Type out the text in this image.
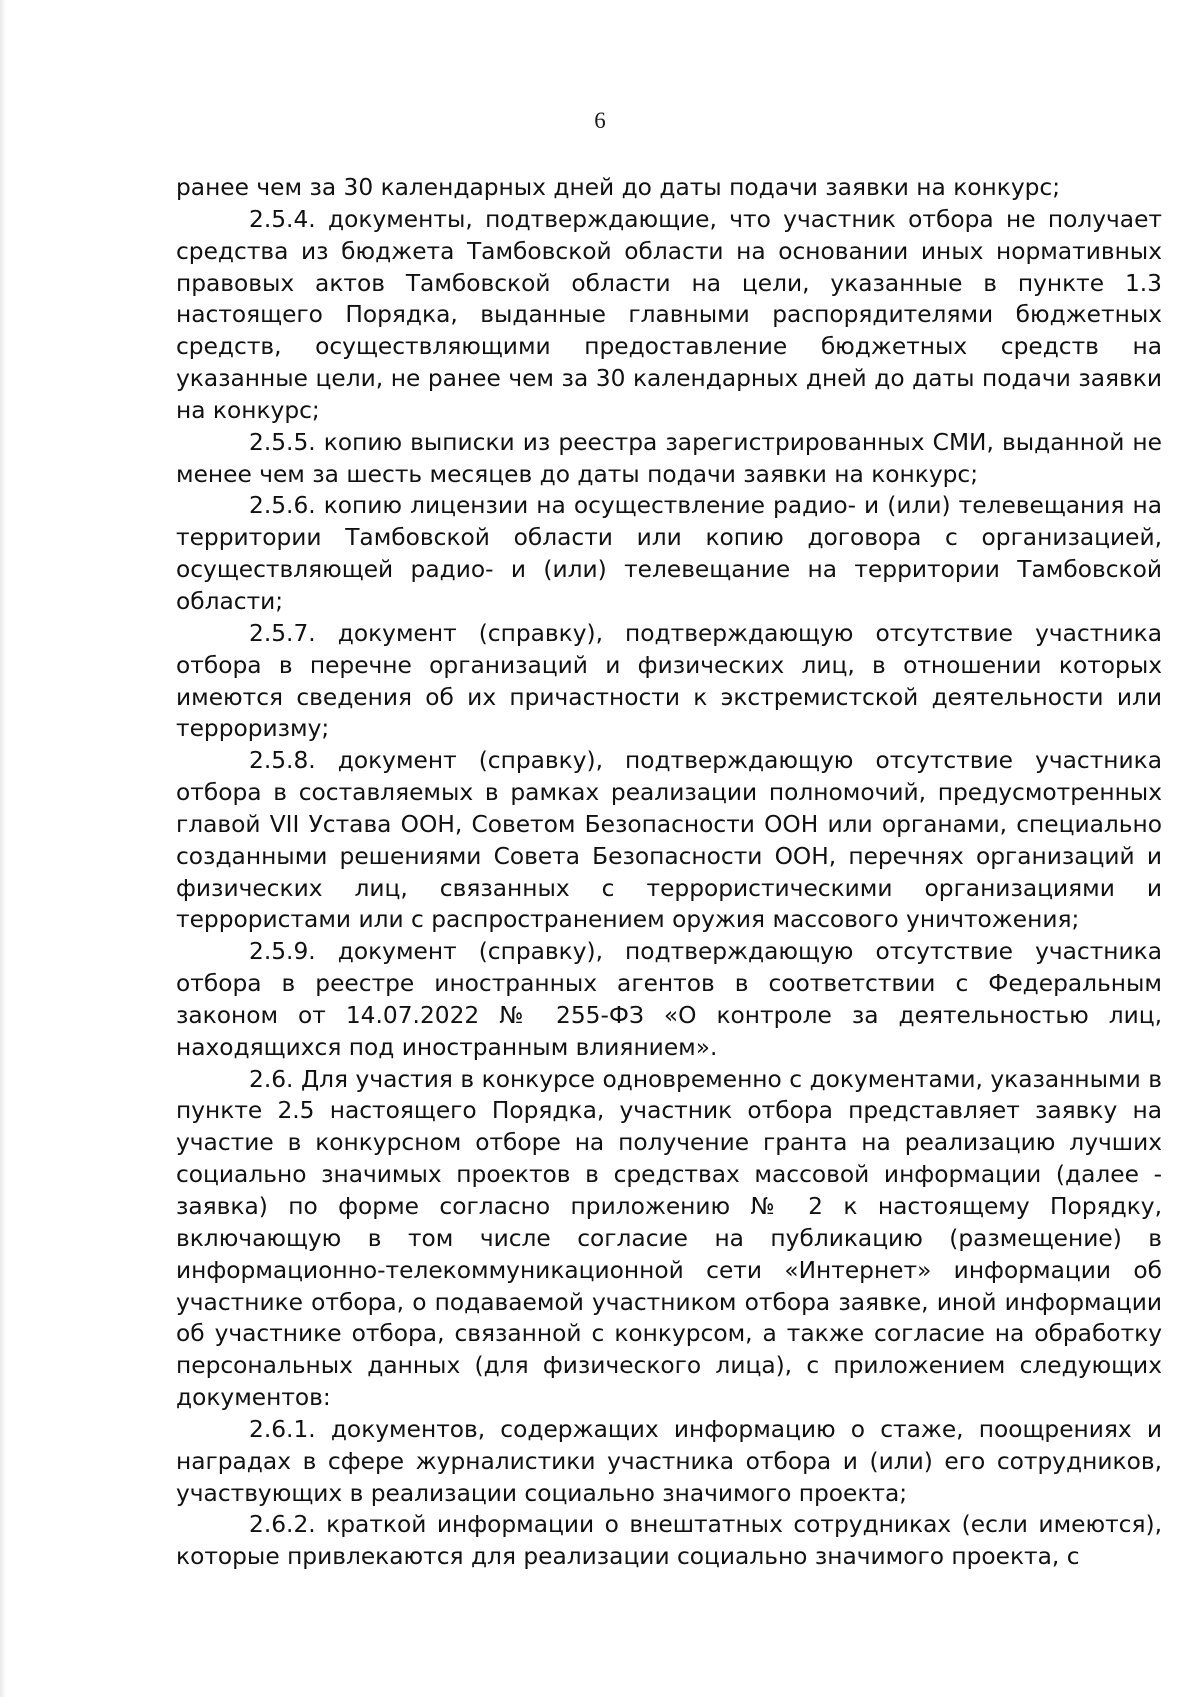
6

ранее чем за 30 календарных дней до даты подачи заявки на конкурс;

2.5.4. документы, подтверждающие, что участник отбора не получает средства из бюджета Тамбовской области на основании иных нормативных правовых актов Тамбовской области на цели, указанные в пункте 1.3 настоящего Порядка, выданные главными распорядителями бюджетных средств, осуществляющими предоставление бюджетных средств на указанные цели, не ранее чем за 30 календарных дней до даты подачи заявки на конкурс;

2.5.5. копию выписки из реестра зарегистрированных СМИ, выданной не менее чем за шесть месяцев до даты подачи заявки на конкурс;

2.5.6. копию лицензии на осуществление радио- и (или) телевещания на территории Тамбовской области или копию договора с организацией, осуществляющей радио- и (или) телевещание на территории Тамбовской области;

2.5.7. документ (справку), подтверждающую отсутствие участника отбора в перечне организаций и физических лиц, в отношении которых имеются сведения об их причастности к экстремистской деятельности или терроризму;

2.5.8. документ (справку), подтверждающую отсутствие участника отбора в составляемых в рамках реализации полномочий, предусмотренных главой VII Устава ООН, Советом Безопасности ООН или органами, специально созданными решениями Совета Безопасности ООН, перечнях организаций и физических лиц, связанных с террористическими организациями и террористами или с распространением оружия массового уничтожения;

2.5.9. документ (справку), подтверждающую отсутствие участника отбора в реестре иностранных агентов в соответствии с Федеральным законом от 14.07.2022 № 255-ФЗ «О контроле за деятельностью лиц, находящихся под иностранным влиянием».

2.6. Для участия в конкурсе одновременно с документами, указанными в пункте 2.5 настоящего Порядка, участник отбора представляет заявку на участие в конкурсном отборе на получение гранта на реализацию лучших социально значимых проектов в средствах массовой информации (далее - заявка) по форме согласно приложению № 2 к настоящему Порядку, включающую в том числе согласие на публикацию (размещение) в информационно-телекоммуникационной сети «Интернет» информации об участнике отбора, о подаваемой участником отбора заявке, иной информации об участнике отбора, связанной с конкурсом, а также согласие на обработку персональных данных (для физического лица), с приложением следующих документов:

2.6.1. документов, содержащих информацию о стаже, поощрениях и наградах в сфере журналистики участника отбора и (или) его сотрудников, участвующих в реализации социально значимого проекта;

2.6.2. краткой информации о внештатных сотрудниках (если имеются), которые привлекаются для реализации социально значимого проекта, с
